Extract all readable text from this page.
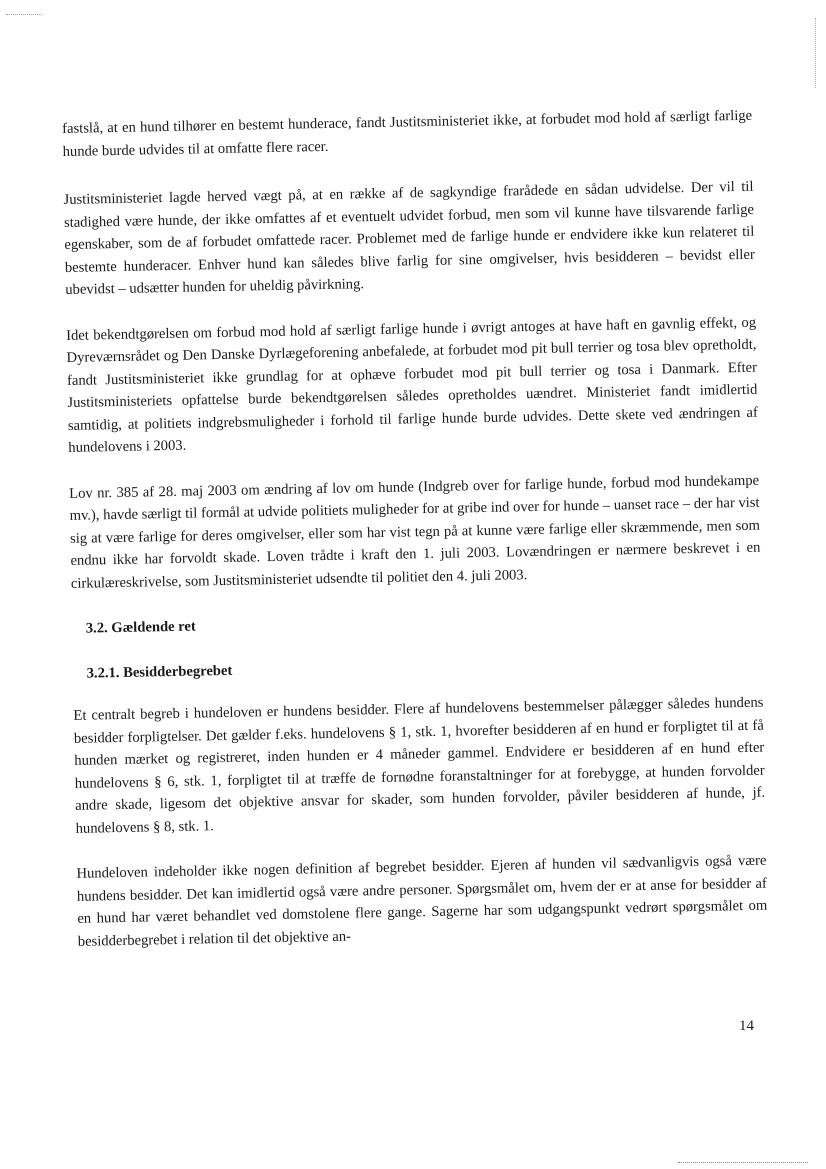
fastslå, at en hund tilhører en bestemt hunderace, fandt Justitsministeriet ikke, at forbudet mod hold af særligt farlige hunde burde udvides til at omfatte flere racer.

Justitsministeriet lagde herved vægt på, at en række af de sagkyndige frarådede en sådan udvidelse. Der vil til stadighed være hunde, der ikke omfattes af et eventuelt udvidet forbud, men som vil kunne have tilsvarende farlige egenskaber, som de af forbudet omfattede racer. Problemet med de farlige hunde er endvidere ikke kun relateret til bestemte hunderacer. Enhver hund kan således blive farlig for sine omgivelser, hvis besidderen – bevidst eller ubevidst – udsætter hunden for uheldig påvirkning.

Idet bekendtgørelsen om forbud mod hold af særligt farlige hunde i øvrigt antoges at have haft en gavnlig effekt, og Dyreværnsrådet og Den Danske Dyrlægeforening anbefalede, at forbudet mod pit bull terrier og tosa blev opretholdt, fandt Justitsministeriet ikke grundlag for at ophæve forbudet mod pit bull terrier og tosa i Danmark. Efter Justitsministeriets opfattelse burde bekendtgørelsen således opretholdes uændret. Ministeriet fandt imidlertid samtidig, at politiets indgrebsmuligheder i forhold til farlige hunde burde udvides. Dette skete ved ændringen af hundelovens i 2003.

Lov nr. 385 af 28. maj 2003 om ændring af lov om hunde (Indgreb over for farlige hunde, forbud mod hundekampe mv.), havde særligt til formål at udvide politiets muligheder for at gribe ind over for hunde – uanset race – der har vist sig at være farlige for deres omgivelser, eller som har vist tegn på at kunne være farlige eller skræmmende, men som endnu ikke har forvoldt skade. Loven trådte i kraft den 1. juli 2003. Lovændringen er nærmere beskrevet i en cirkulæreskrivelse, som Justitsministeriet udsendte til politiet den 4. juli 2003.

3.2. Gældende ret
3.2.1. Besidderbegrebet

Et centralt begreb i hundeloven er hundens besidder. Flere af hundelovens bestemmelser pålægger således hundens besidder forpligtelser. Det gælder f.eks. hundelovens § 1, stk. 1, hvorefter besidderen af en hund er forpligtet til at få hunden mærket og registreret, inden hunden er 4 måneder gammel. Endvidere er besidderen af en hund efter hundelovens § 6, stk. 1, forpligtet til at træffe de fornødne foranstaltninger for at forebygge, at hunden forvolder andre skade, ligesom det objektive ansvar for skader, som hunden forvolder, påviler besidderen af hunde, jf. hundelovens § 8, stk. 1.

Hundeloven indeholder ikke nogen definition af begrebet besidder. Ejeren af hunden vil sædvanligvis også være hundens besidder. Det kan imidlertid også være andre personer. Spørgsmålet om, hvem der er at anse for besidder af en hund har været behandlet ved domstolene flere gange. Sagerne har som udgangspunkt vedrørt spørgsmålet om besidderbegrebet i relation til det objektive an-

14
